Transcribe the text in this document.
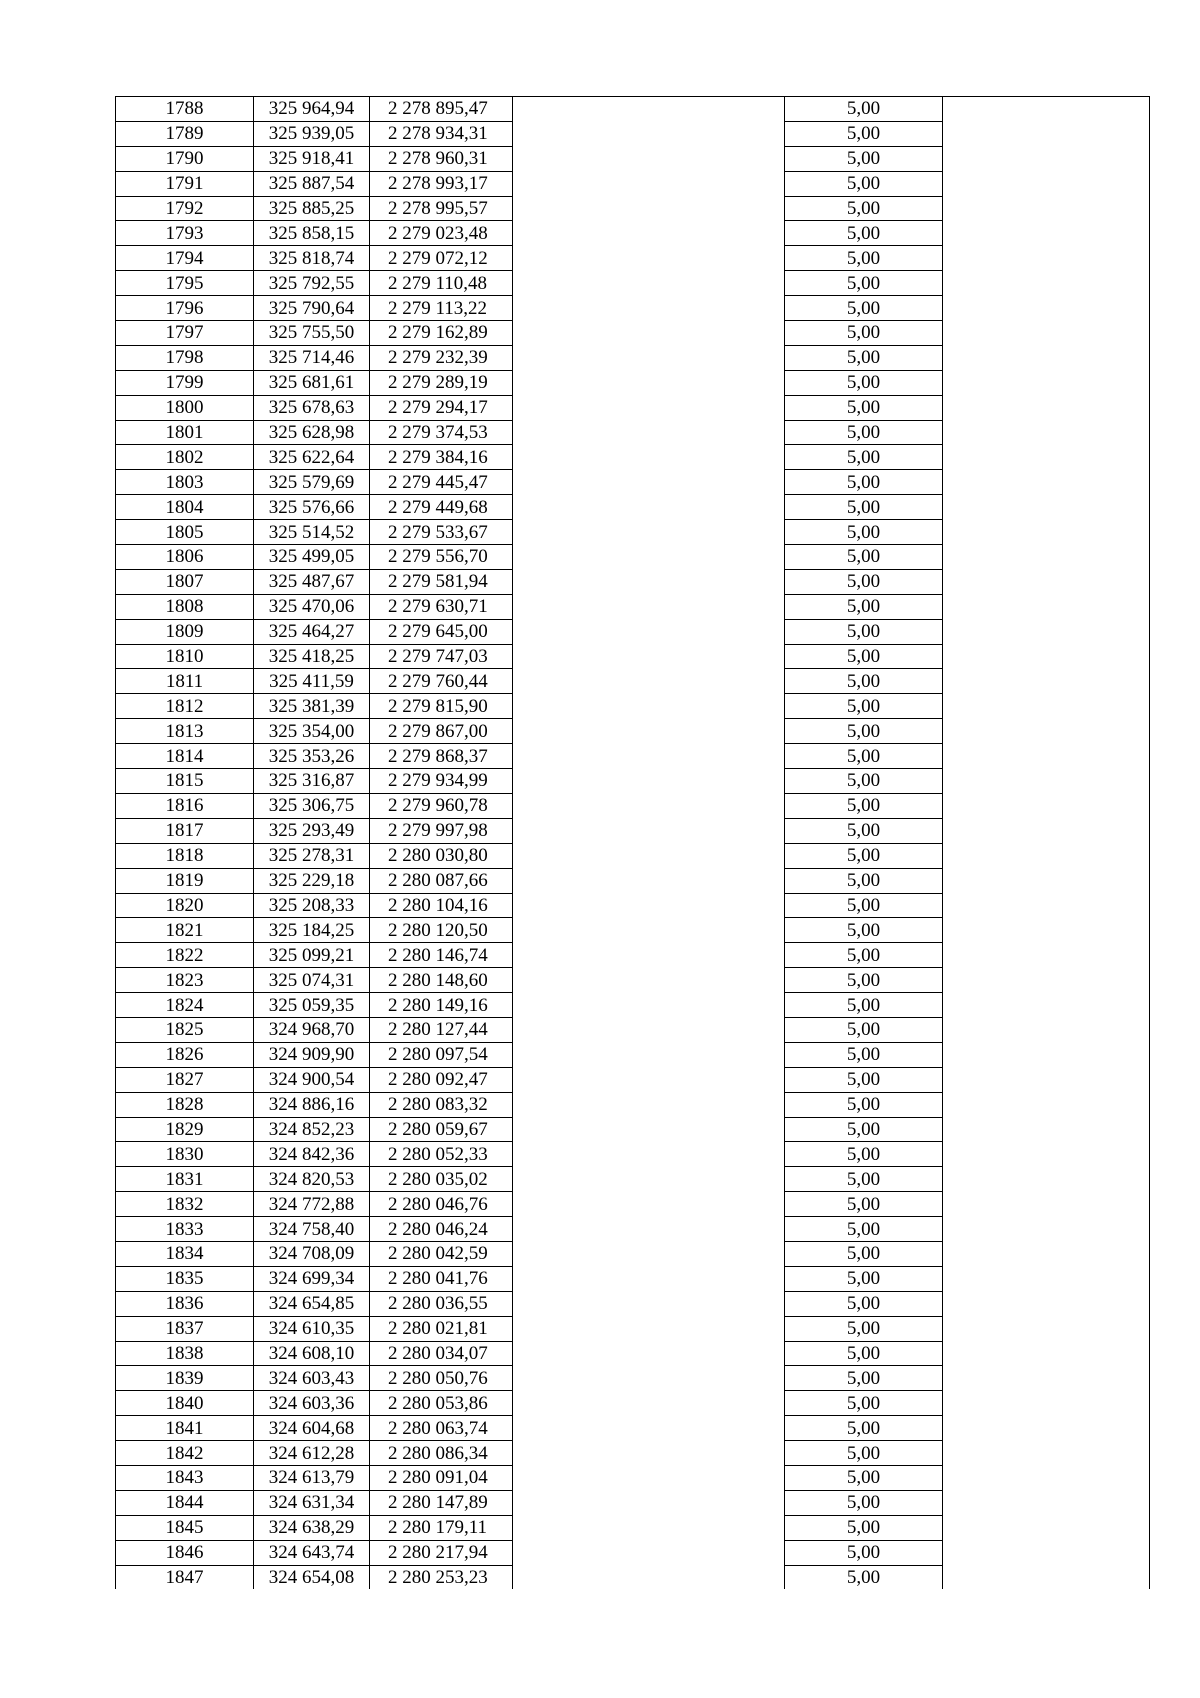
1788	325 964,94	2 278 895,47		5,00	
1789	325 939,05	2 278 934,31		5,00	
1790	325 918,41	2 278 960,31		5,00	
1791	325 887,54	2 278 993,17		5,00	
1792	325 885,25	2 278 995,57		5,00	
1793	325 858,15	2 279 023,48		5,00	
1794	325 818,74	2 279 072,12		5,00	
1795	325 792,55	2 279 110,48		5,00	
1796	325 790,64	2 279 113,22		5,00	
1797	325 755,50	2 279 162,89		5,00	
1798	325 714,46	2 279 232,39		5,00	
1799	325 681,61	2 279 289,19		5,00	
1800	325 678,63	2 279 294,17		5,00	
1801	325 628,98	2 279 374,53		5,00	
1802	325 622,64	2 279 384,16		5,00	
1803	325 579,69	2 279 445,47		5,00	
1804	325 576,66	2 279 449,68		5,00	
1805	325 514,52	2 279 533,67		5,00	
1806	325 499,05	2 279 556,70		5,00	
1807	325 487,67	2 279 581,94		5,00	
1808	325 470,06	2 279 630,71		5,00	
1809	325 464,27	2 279 645,00		5,00	
1810	325 418,25	2 279 747,03		5,00	
1811	325 411,59	2 279 760,44		5,00	
1812	325 381,39	2 279 815,90		5,00	
1813	325 354,00	2 279 867,00		5,00	
1814	325 353,26	2 279 868,37		5,00	
1815	325 316,87	2 279 934,99		5,00	
1816	325 306,75	2 279 960,78		5,00	
1817	325 293,49	2 279 997,98		5,00	
1818	325 278,31	2 280 030,80		5,00	
1819	325 229,18	2 280 087,66		5,00	
1820	325 208,33	2 280 104,16		5,00	
1821	325 184,25	2 280 120,50		5,00	
1822	325 099,21	2 280 146,74		5,00	
1823	325 074,31	2 280 148,60		5,00	
1824	325 059,35	2 280 149,16		5,00	
1825	324 968,70	2 280 127,44		5,00	
1826	324 909,90	2 280 097,54		5,00	
1827	324 900,54	2 280 092,47		5,00	
1828	324 886,16	2 280 083,32		5,00	
1829	324 852,23	2 280 059,67		5,00	
1830	324 842,36	2 280 052,33		5,00	
1831	324 820,53	2 280 035,02		5,00	
1832	324 772,88	2 280 046,76		5,00	
1833	324 758,40	2 280 046,24		5,00	
1834	324 708,09	2 280 042,59		5,00	
1835	324 699,34	2 280 041,76		5,00	
1836	324 654,85	2 280 036,55		5,00	
1837	324 610,35	2 280 021,81		5,00	
1838	324 608,10	2 280 034,07		5,00	
1839	324 603,43	2 280 050,76		5,00	
1840	324 603,36	2 280 053,86		5,00	
1841	324 604,68	2 280 063,74		5,00	
1842	324 612,28	2 280 086,34		5,00	
1843	324 613,79	2 280 091,04		5,00	
1844	324 631,34	2 280 147,89		5,00	
1845	324 638,29	2 280 179,11		5,00	
1846	324 643,74	2 280 217,94		5,00	
1847	324 654,08	2 280 253,23		5,00	
